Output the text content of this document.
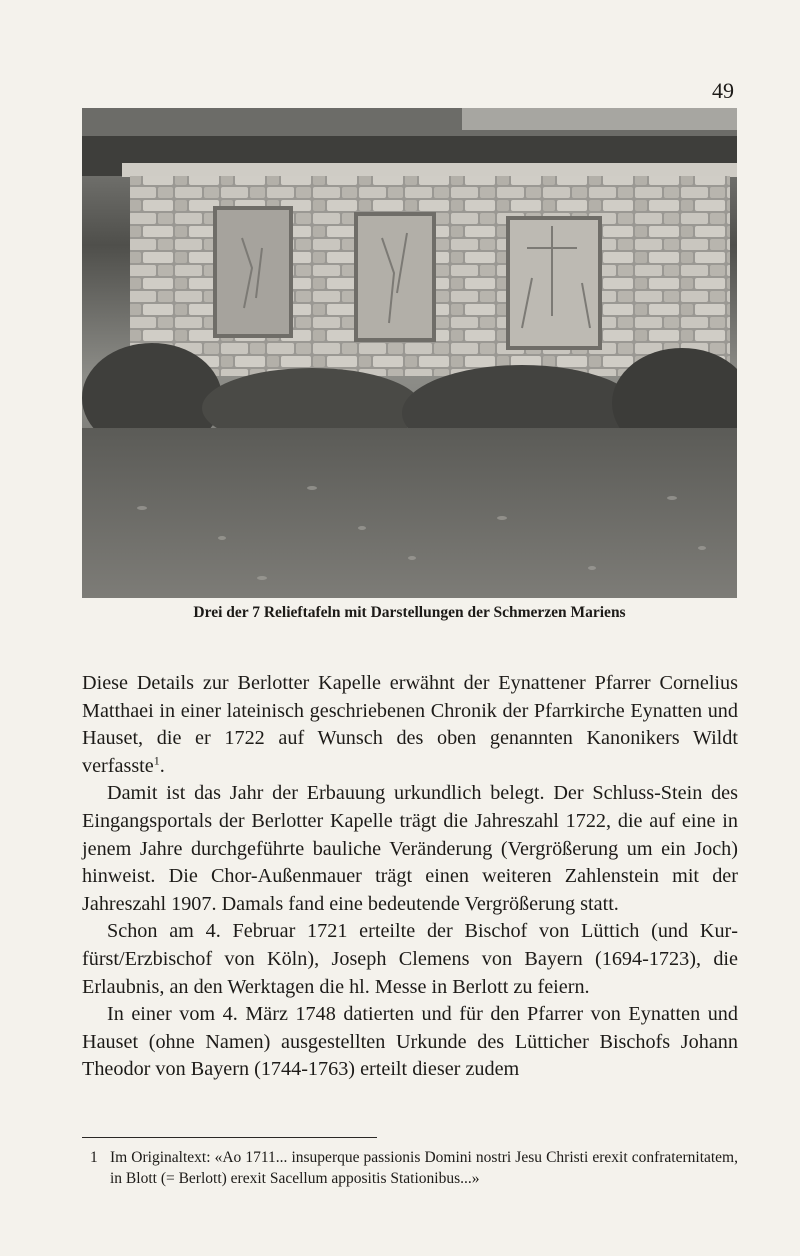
49
Drei der 7 Relieftafeln mit Darstellungen der Schmerzen Mariens

Diese Details zur Berlotter Kapelle erwähnt der Eynattener Pfarrer Cornelius Matthaei in einer lateinisch geschriebenen Chronik der Pfarrkirche Eynatten und Hauset, die er 1722 auf Wunsch des oben genannten Kanonikers Wildt verfasste$^1$.

Damit ist das Jahr der Erbauung urkundlich belegt. Der Schluss-Stein des Eingangsportals der Berlotter Kapelle trägt die Jahreszahl 1722, die auf eine in jenem Jahre durchgeführte bauliche Veränderung (Vergrößerung um ein Joch) hinweist. Die Chor-Außenmauer trägt einen weiteren Zahlenstein mit der Jahreszahl 1907. Damals fand eine bedeutende Vergrößerung statt.

Schon am 4. Februar 1721 erteilte der Bischof von Lüttich (und Kurfürst/Erzbischof von Köln), Joseph Clemens von Bayern (1694-1723), die Erlaubnis, an den Werktagen die hl. Messe in Berlott zu feiern.

In einer vom 4. März 1748 datierten und für den Pfarrer von Eynatten und Hauset (ohne Namen) ausgestellten Urkunde des Lütticher Bischofs Johann Theodor von Bayern (1744-1763) erteilt dieser zudem

1 Im Originaltext: «Ao 1711... insuperque passionis Domini nostri Jesu Christi erexit confraternitatem, in Blott (= Berlott) erexit Sacellum appositis Stationibus...»
